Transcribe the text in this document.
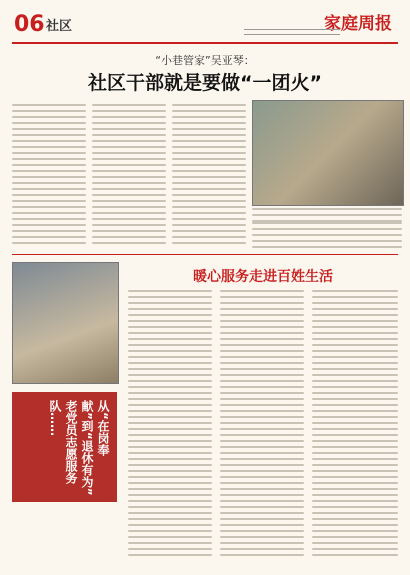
06 社区	家庭周报
“小巷管家”吴亚琴：
社区干部就是要做“一团火”
从“在岗奉献”到“退休有为” 老党员志愿服务队……
暖心服务走进百姓生活
